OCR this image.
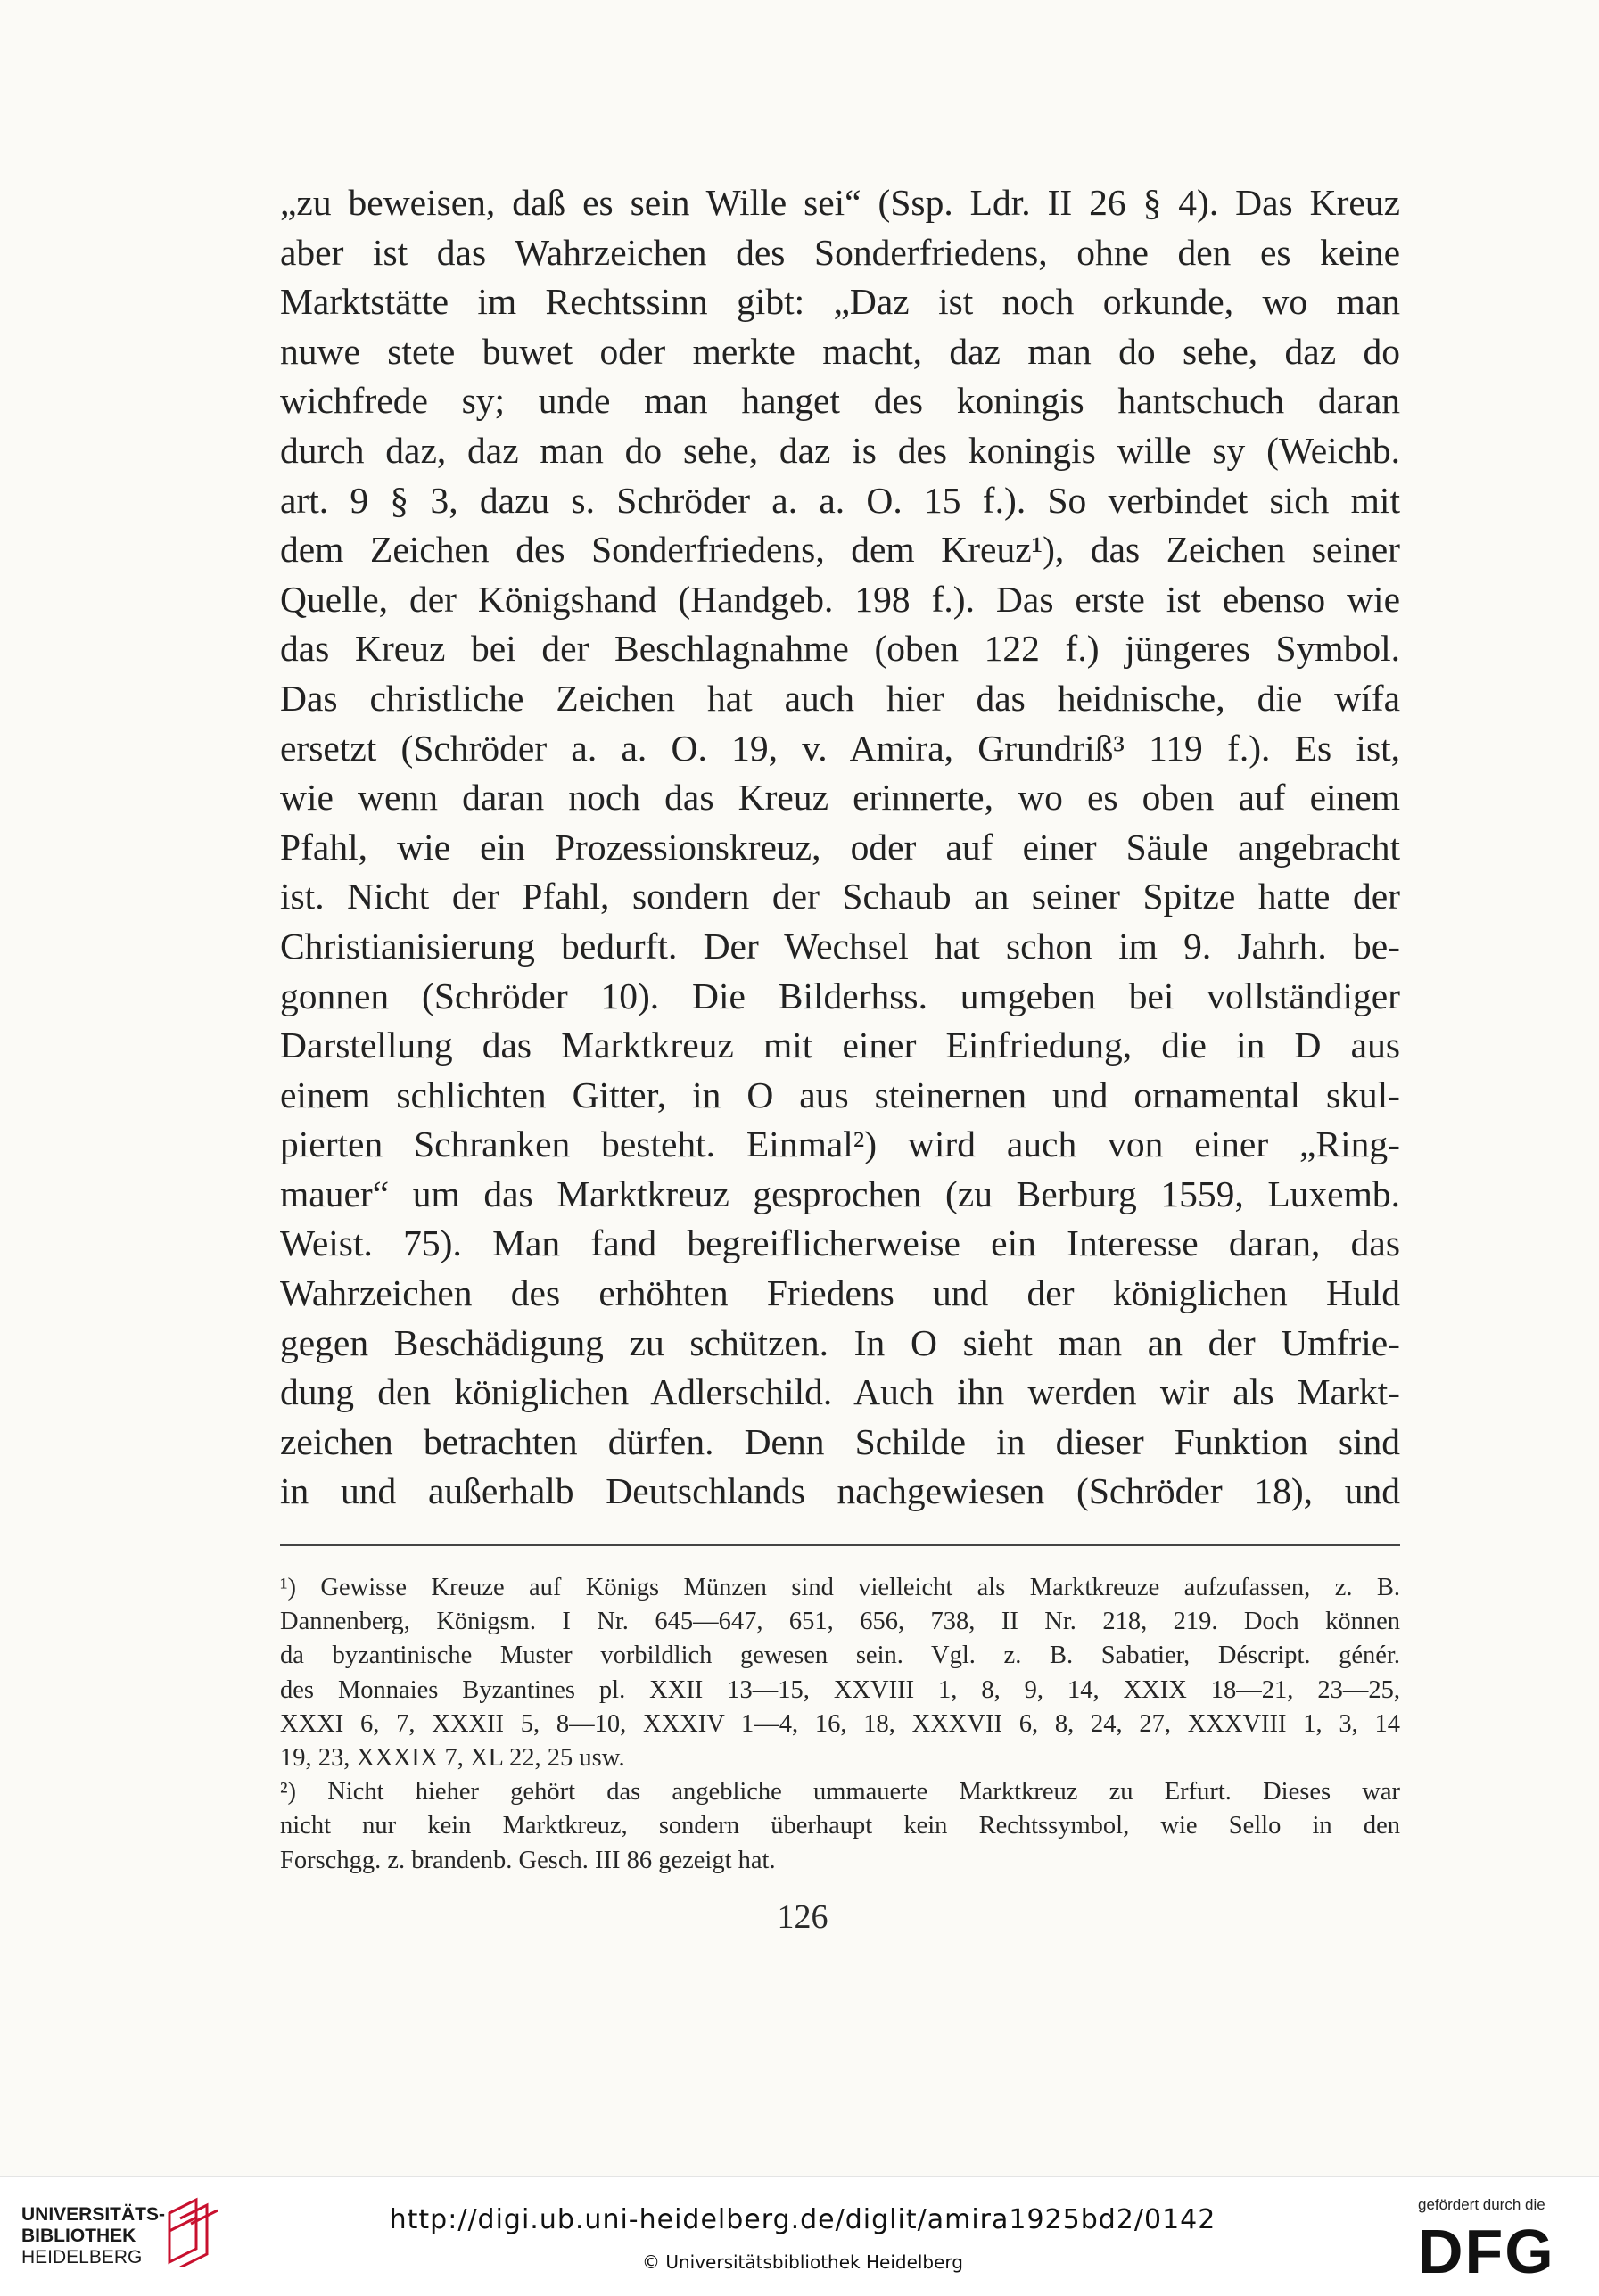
„zu beweisen, daß es sein Wille sei“ (Ssp. Ldr. II 26 § 4). Das Kreuz
aber ist das Wahrzeichen des Sonderfriedens, ohne den es keine
Marktstätte im Rechtssinn gibt: „Daz ist noch orkunde, wo man
nuwe stete buwet oder merkte macht, daz man do sehe, daz do
wichfrede sy; unde man hanget des koningis hantschuch daran
durch daz, daz man do sehe, daz is des koningis wille sy (Weichb.
art. 9 § 3, dazu s. Schröder a. a. O. 15 f.). So verbindet sich mit
dem Zeichen des Sonderfriedens, dem Kreuz¹), das Zeichen seiner
Quelle, der Königshand (Handgeb. 198 f.). Das erste ist ebenso wie
das Kreuz bei der Beschlagnahme (oben 122 f.) jüngeres Symbol.
Das christliche Zeichen hat auch hier das heidnische, die wífa
ersetzt (Schröder a. a. O. 19, v. Amira, Grundriß³ 119 f.). Es ist,
wie wenn daran noch das Kreuz erinnerte, wo es oben auf einem
Pfahl, wie ein Prozessionskreuz, oder auf einer Säule angebracht
ist. Nicht der Pfahl, sondern der Schaub an seiner Spitze hatte der
Christianisierung bedurft. Der Wechsel hat schon im 9. Jahrh. be-
gonnen (Schröder 10). Die Bilderhss. umgeben bei vollständiger
Darstellung das Marktkreuz mit einer Einfriedung, die in D aus
einem schlichten Gitter, in O aus steinernen und ornamental skul-
pierten Schranken besteht. Einmal²) wird auch von einer „Ring-
mauer“ um das Marktkreuz gesprochen (zu Berburg 1559, Luxemb.
Weist. 75). Man fand begreiflicherweise ein Interesse daran, das
Wahrzeichen des erhöhten Friedens und der königlichen Huld
gegen Beschädigung zu schützen. In O sieht man an der Umfrie-
dung den königlichen Adlerschild. Auch ihn werden wir als Markt-
zeichen betrachten dürfen. Denn Schilde in dieser Funktion sind
in und außerhalb Deutschlands nachgewiesen (Schröder 18), und
¹) Gewisse Kreuze auf Königs Münzen sind vielleicht als Marktkreuze aufzufassen, z. B.
Dannenberg, Königsm. I Nr. 645—647, 651, 656, 738, II Nr. 218, 219. Doch können
da byzantinische Muster vorbildlich gewesen sein. Vgl. z. B. Sabatier, Déscript. génér.
des Monnaies Byzantines pl. XXII 13—15, XXVIII 1, 8, 9, 14, XXIX 18—21, 23—25,
XXXI 6, 7, XXXII 5, 8—10, XXXIV 1—4, 16, 18, XXXVII 6, 8, 24, 27, XXXVIII 1, 3, 14
19, 23, XXXIX 7, XL 22, 25 usw.
²) Nicht hieher gehört das angebliche ummauerte Marktkreuz zu Erfurt. Dieses war
nicht nur kein Marktkreuz, sondern überhaupt kein Rechtssymbol, wie Sello in den
Forschgg. z. brandenb. Gesch. III 86 gezeigt hat.
126
UNIVERSITÄTS-
BIBLIOTHEK
HEIDELBERG
http://digi.ub.uni-heidelberg.de/diglit/amira1925bd2/0142
© Universitätsbibliothek Heidelberg
gefördert durch die
DFG
